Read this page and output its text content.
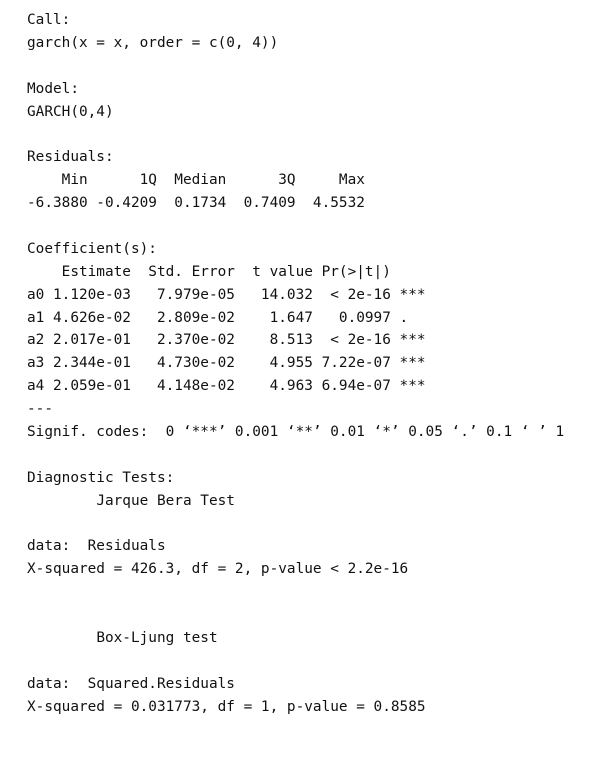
Call:
garch(x = x, order = c(0, 4))
Model:
GARCH(0,4)
Residuals:
Min      1Q  Median      3Q     Max
-6.3880 -0.4209  0.1734  0.7409  4.5532
Coefficient(s):
Estimate  Std. Error  t value Pr(>|t|)
a0 1.120e-03   7.979e-05   14.032  < 2e-16 ***
a1 4.626e-02   2.809e-02    1.647   0.0997 .
a2 2.017e-01   2.370e-02    8.513  < 2e-16 ***
a3 2.344e-01   4.730e-02    4.955 7.22e-07 ***
a4 2.059e-01   4.148e-02    4.963 6.94e-07 ***
---
Signif. codes:  0 ‘***’ 0.001 ‘**’ 0.01 ‘*’ 0.05 ‘.’ 0.1 ‘ ’ 1
Diagnostic Tests:
	Jarque Bera Test
data:  Residuals
X-squared = 426.3, df = 2, p-value < 2.2e-16
	Box-Ljung test
data:  Squared.Residuals
X-squared = 0.031773, df = 1, p-value = 0.8585
